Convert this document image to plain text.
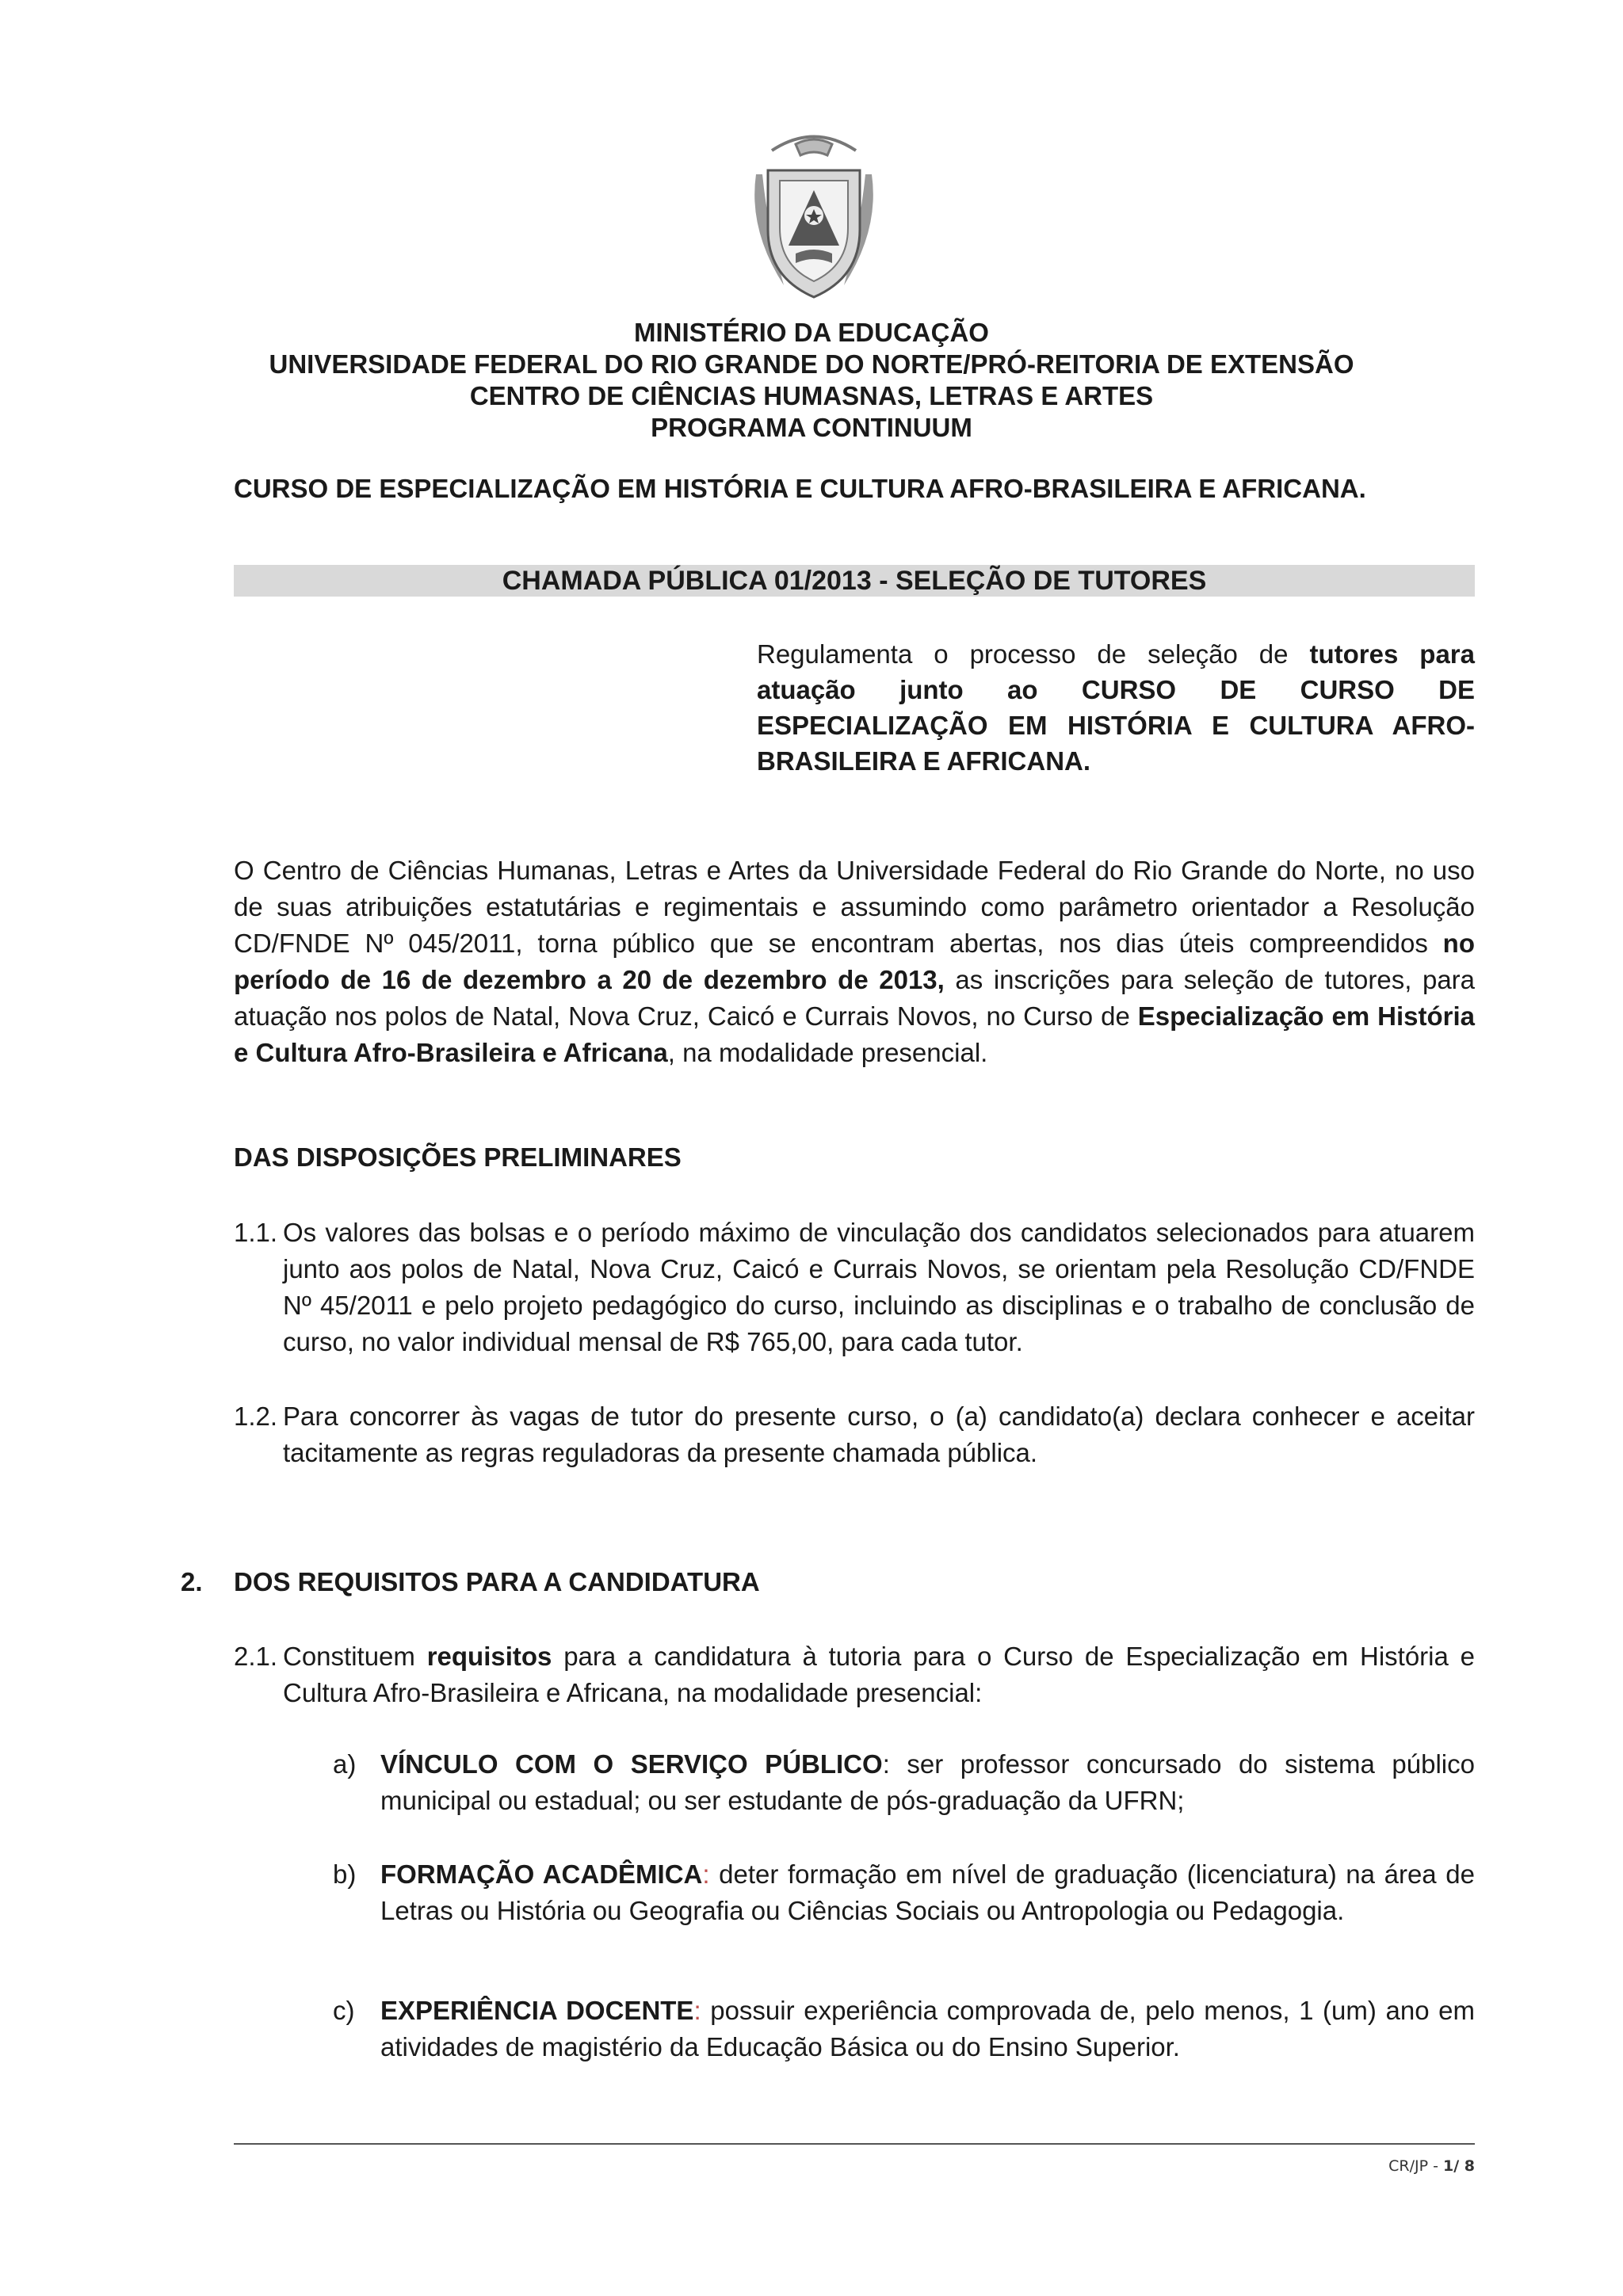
MINISTÉRIO DA EDUCAÇÃO
UNIVERSIDADE FEDERAL DO RIO GRANDE DO NORTE/PRÓ-REITORIA DE EXTENSÃO
CENTRO DE CIÊNCIAS HUMASNAS, LETRAS E ARTES
PROGRAMA CONTINUUM
CURSO DE ESPECIALIZAÇÃO EM HISTÓRIA E CULTURA AFRO-BRASILEIRA E AFRICANA.
CHAMADA PÚBLICA 01/2013 - SELEÇÃO DE TUTORES
Regulamenta o processo de seleção de tutores para atuação junto ao CURSO DE CURSO DE ESPECIALIZAÇÃO EM HISTÓRIA E CULTURA AFRO-BRASILEIRA E AFRICANA.
O Centro de Ciências Humanas, Letras e Artes da Universidade Federal do Rio Grande do Norte, no uso de suas atribuições estatutárias e regimentais e assumindo como parâmetro orientador a Resolução CD/FNDE Nº 045/2011, torna público que se encontram abertas, nos dias úteis compreendidos no período de 16 de dezembro a 20 de dezembro de 2013, as inscrições para seleção de tutores, para atuação nos polos de Natal, Nova Cruz, Caicó e Currais Novos, no Curso de Especialização em História e Cultura Afro-Brasileira e Africana, na modalidade presencial.
DAS DISPOSIÇÕES PRELIMINARES
1.1. Os valores das bolsas e o período máximo de vinculação dos candidatos selecionados para atuarem junto aos polos de Natal, Nova Cruz, Caicó e Currais Novos, se orientam pela Resolução CD/FNDE Nº 45/2011 e pelo projeto pedagógico do curso, incluindo as disciplinas e o trabalho de conclusão de curso, no valor individual mensal de R$ 765,00, para cada tutor.
1.2. Para concorrer às vagas de tutor do presente curso, o (a) candidato(a) declara conhecer e aceitar tacitamente as regras reguladoras da presente chamada pública.
2. DOS REQUISITOS PARA A CANDIDATURA
2.1. Constituem requisitos para a candidatura à tutoria para o Curso de Especialização em História e Cultura Afro-Brasileira e Africana, na modalidade presencial:
a) VÍNCULO COM O SERVIÇO PÚBLICO: ser professor concursado do sistema público municipal ou estadual; ou ser estudante de pós-graduação da UFRN;
b) FORMAÇÃO ACADÊMICA: deter formação em nível de graduação (licenciatura) na área de Letras ou História ou Geografia ou Ciências Sociais ou Antropologia ou Pedagogia.
c) EXPERIÊNCIA DOCENTE: possuir experiência comprovada de, pelo menos, 1 (um) ano em atividades de magistério da Educação Básica ou do Ensino Superior.
CR/JP - 1/ 8
